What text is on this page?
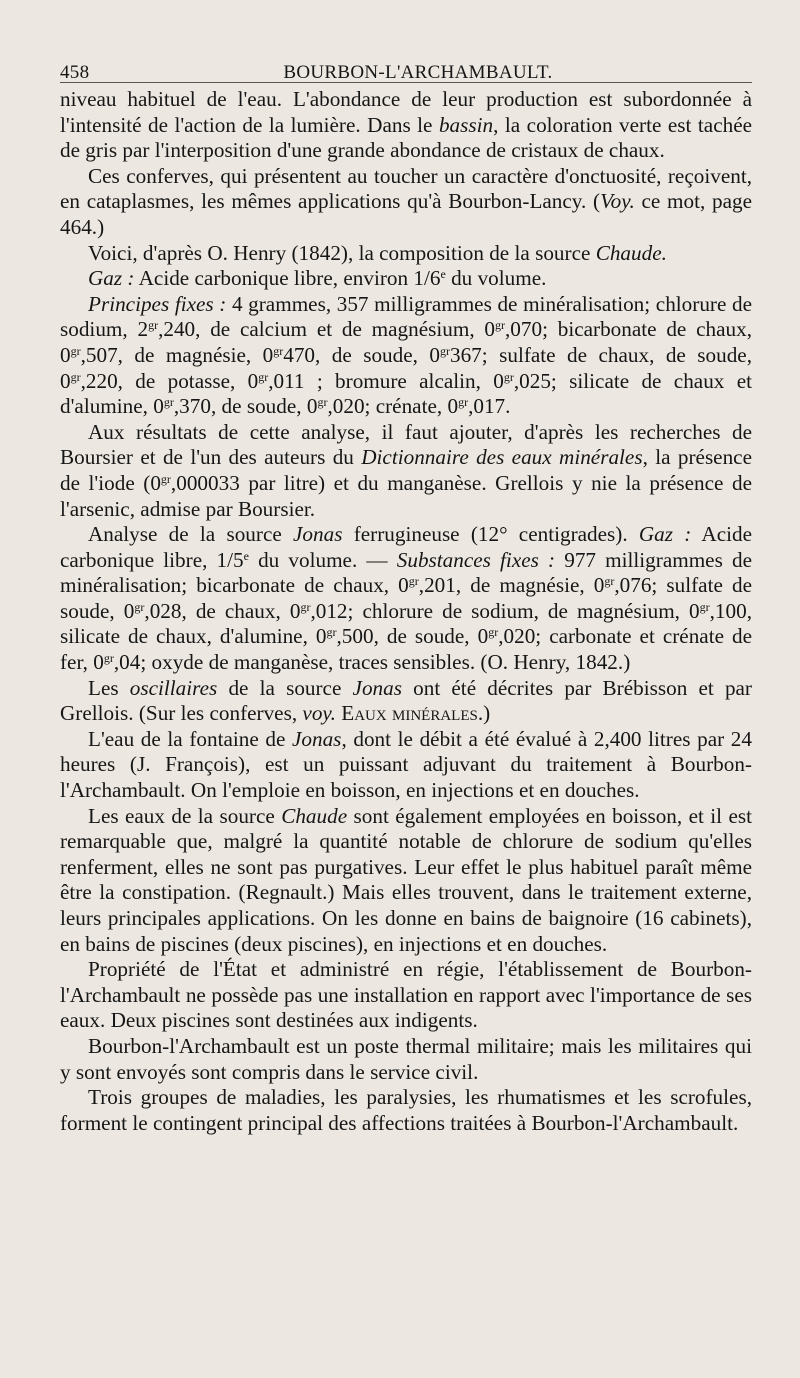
458	BOURBON-L'ARCHAMBAULT.

niveau habituel de l'eau. L'abondance de leur production est subordonnée à l'intensité de l'action de la lumière. Dans le bassin, la coloration verte est tachée de gris par l'interposition d'une grande abondance de cristaux de chaux.

Ces conferves, qui présentent au toucher un caractère d'onctuosité, reçoivent, en cataplasmes, les mêmes applications qu'à Bourbon-Lancy. (Voy. ce mot, page 464.)

Voici, d'après O. Henry (1842), la composition de la source Chaude.

Gaz : Acide carbonique libre, environ 1/6e du volume.

Principes fixes : 4 grammes, 357 milligrammes de minéralisation; chlorure de sodium, $2^{gr},240$, de calcium et de magnésium, $0^{gr},070$; bicarbonate de chaux, $0^{gr},507$, de magnésie, $0^{gr}470$, de soude, $0^{gr}367$; sulfate de chaux, de soude, $0^{gr},220$, de potasse, $0^{gr},011$ ; bromure alcalin, $0^{gr},025$; silicate de chaux et d'alumine, $0^{gr},370$, de soude, $0^{gr},020$; crénate, $0^{gr},017$.

Aux résultats de cette analyse, il faut ajouter, d'après les recherches de Boursier et de l'un des auteurs du Dictionnaire des eaux minérales, la présence de l'iode ($0^{gr},000033$ par litre) et du manganèse. Grellois y nie la présence de l'arsenic, admise par Boursier.

Analyse de la source Jonas ferrugineuse (12° centigrades). Gaz : Acide carbonique libre, 1/5e du volume. — Substances fixes : 977 milligrammes de minéralisation; bicarbonate de chaux, $0^{gr},201$, de magnésie, $0^{gr},076$; sulfate de soude, $0^{gr},028$, de chaux, $0^{gr},012$; chlorure de sodium, de magnésium, $0^{gr},100$, silicate de chaux, d'alumine, $0^{gr},500$, de soude, $0^{gr},020$; carbonate et crénate de fer, $0^{gr},04$; oxyde de manganèse, traces sensibles. (O. Henry, 1842.)

Les oscillaires de la source Jonas ont été décrites par Brébisson et par Grellois. (Sur les conferves, voy. Eaux minérales.)

L'eau de la fontaine de Jonas, dont le débit a été évalué à 2,400 litres par 24 heures (J. François), est un puissant adjuvant du traitement à Bourbon-l'Archambault. On l'emploie en boisson, en injections et en douches.

Les eaux de la source Chaude sont également employées en boisson, et il est remarquable que, malgré la quantité notable de chlorure de sodium qu'elles renferment, elles ne sont pas purgatives. Leur effet le plus habituel paraît même être la constipation. (Regnault.) Mais elles trouvent, dans le traitement externe, leurs principales applications. On les donne en bains de baignoire (16 cabinets), en bains de piscines (deux piscines), en injections et en douches.

Propriété de l'État et administré en régie, l'établissement de Bourbon-l'Archambault ne possède pas une installation en rapport avec l'importance de ses eaux. Deux piscines sont destinées aux indigents.

Bourbon-l'Archambault est un poste thermal militaire; mais les militaires qui y sont envoyés sont compris dans le service civil.

Trois groupes de maladies, les paralysies, les rhumatismes et les scrofules, forment le contingent principal des affections traitées à Bourbon-l'Archambault.
